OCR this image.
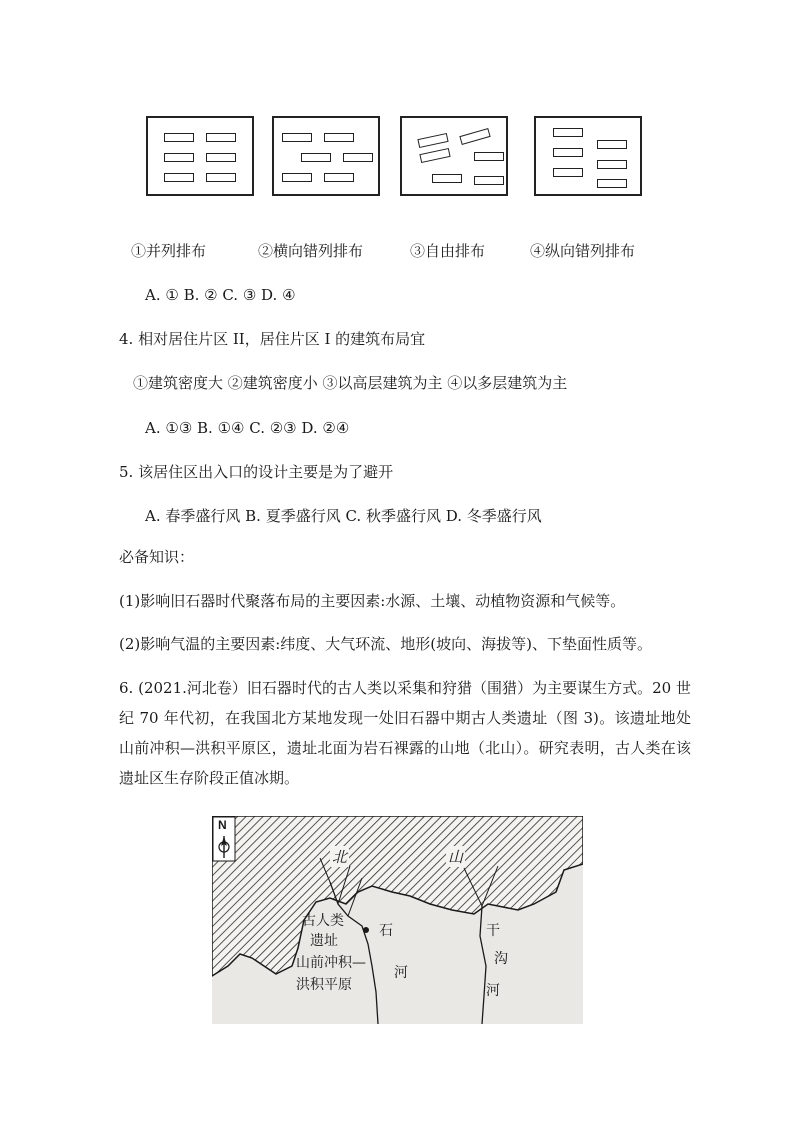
①并列排布	②横向错列排布	③自由排布	④纵向错列排布
A. ① B. ② C. ③ D. ④
4. 相对居住片区 II，居住片区 I 的建筑布局宜
①建筑密度大 ②建筑密度小 ③以高层建筑为主 ④以多层建筑为主
A. ①③ B. ①④ C. ②③ D. ②④
5. 该居住区出入口的设计主要是为了避开
A. 春季盛行风 B. 夏季盛行风 C. 秋季盛行风 D. 冬季盛行风
必备知识：
(1)影响旧石器时代聚落布局的主要因素:水源、土壤、动植物资源和气候等。
(2)影响气温的主要因素:纬度、大气环流、地形(坡向、海拔等)、下垫面性质等。
6. (2021.河北卷）旧石器时代的古人类以采集和狩猎（围猎）为主要谋生方式。20 世纪 70 年代初，在我国北方某地发现一处旧石器中期古人类遗址（图 3)。该遗址地处山前冲积—洪积平原区，遗址北面为岩石裸露的山地（北山）。研究表明，古人类在该遗址区生存阶段正值冰期。
N
北	山
古人类
遗址
山前冲积—
洪积平原
石
河
干
沟
河
